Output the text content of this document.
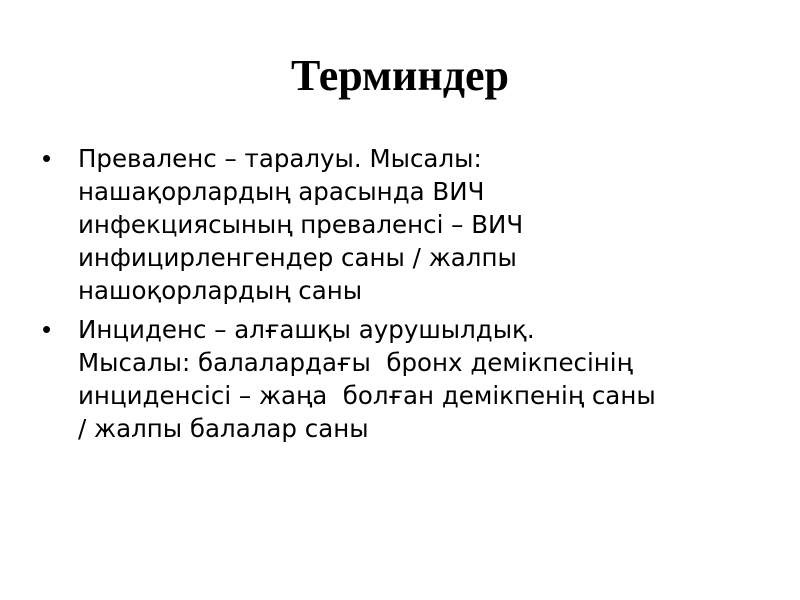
Терминдер
• Преваленс – таралуы. Мысалы:
нашақорлардың арасында ВИЧ
инфекциясының преваленсі – ВИЧ
инфицирленгендер саны / жалпы
нашоқорлардың саны
• Инциденс – алғашқы аурушылдық.
Мысалы: балалардағы  бронх демікпесінің
инциденсісі – жаңа  болған демікпенің саны
/ жалпы балалар саны
